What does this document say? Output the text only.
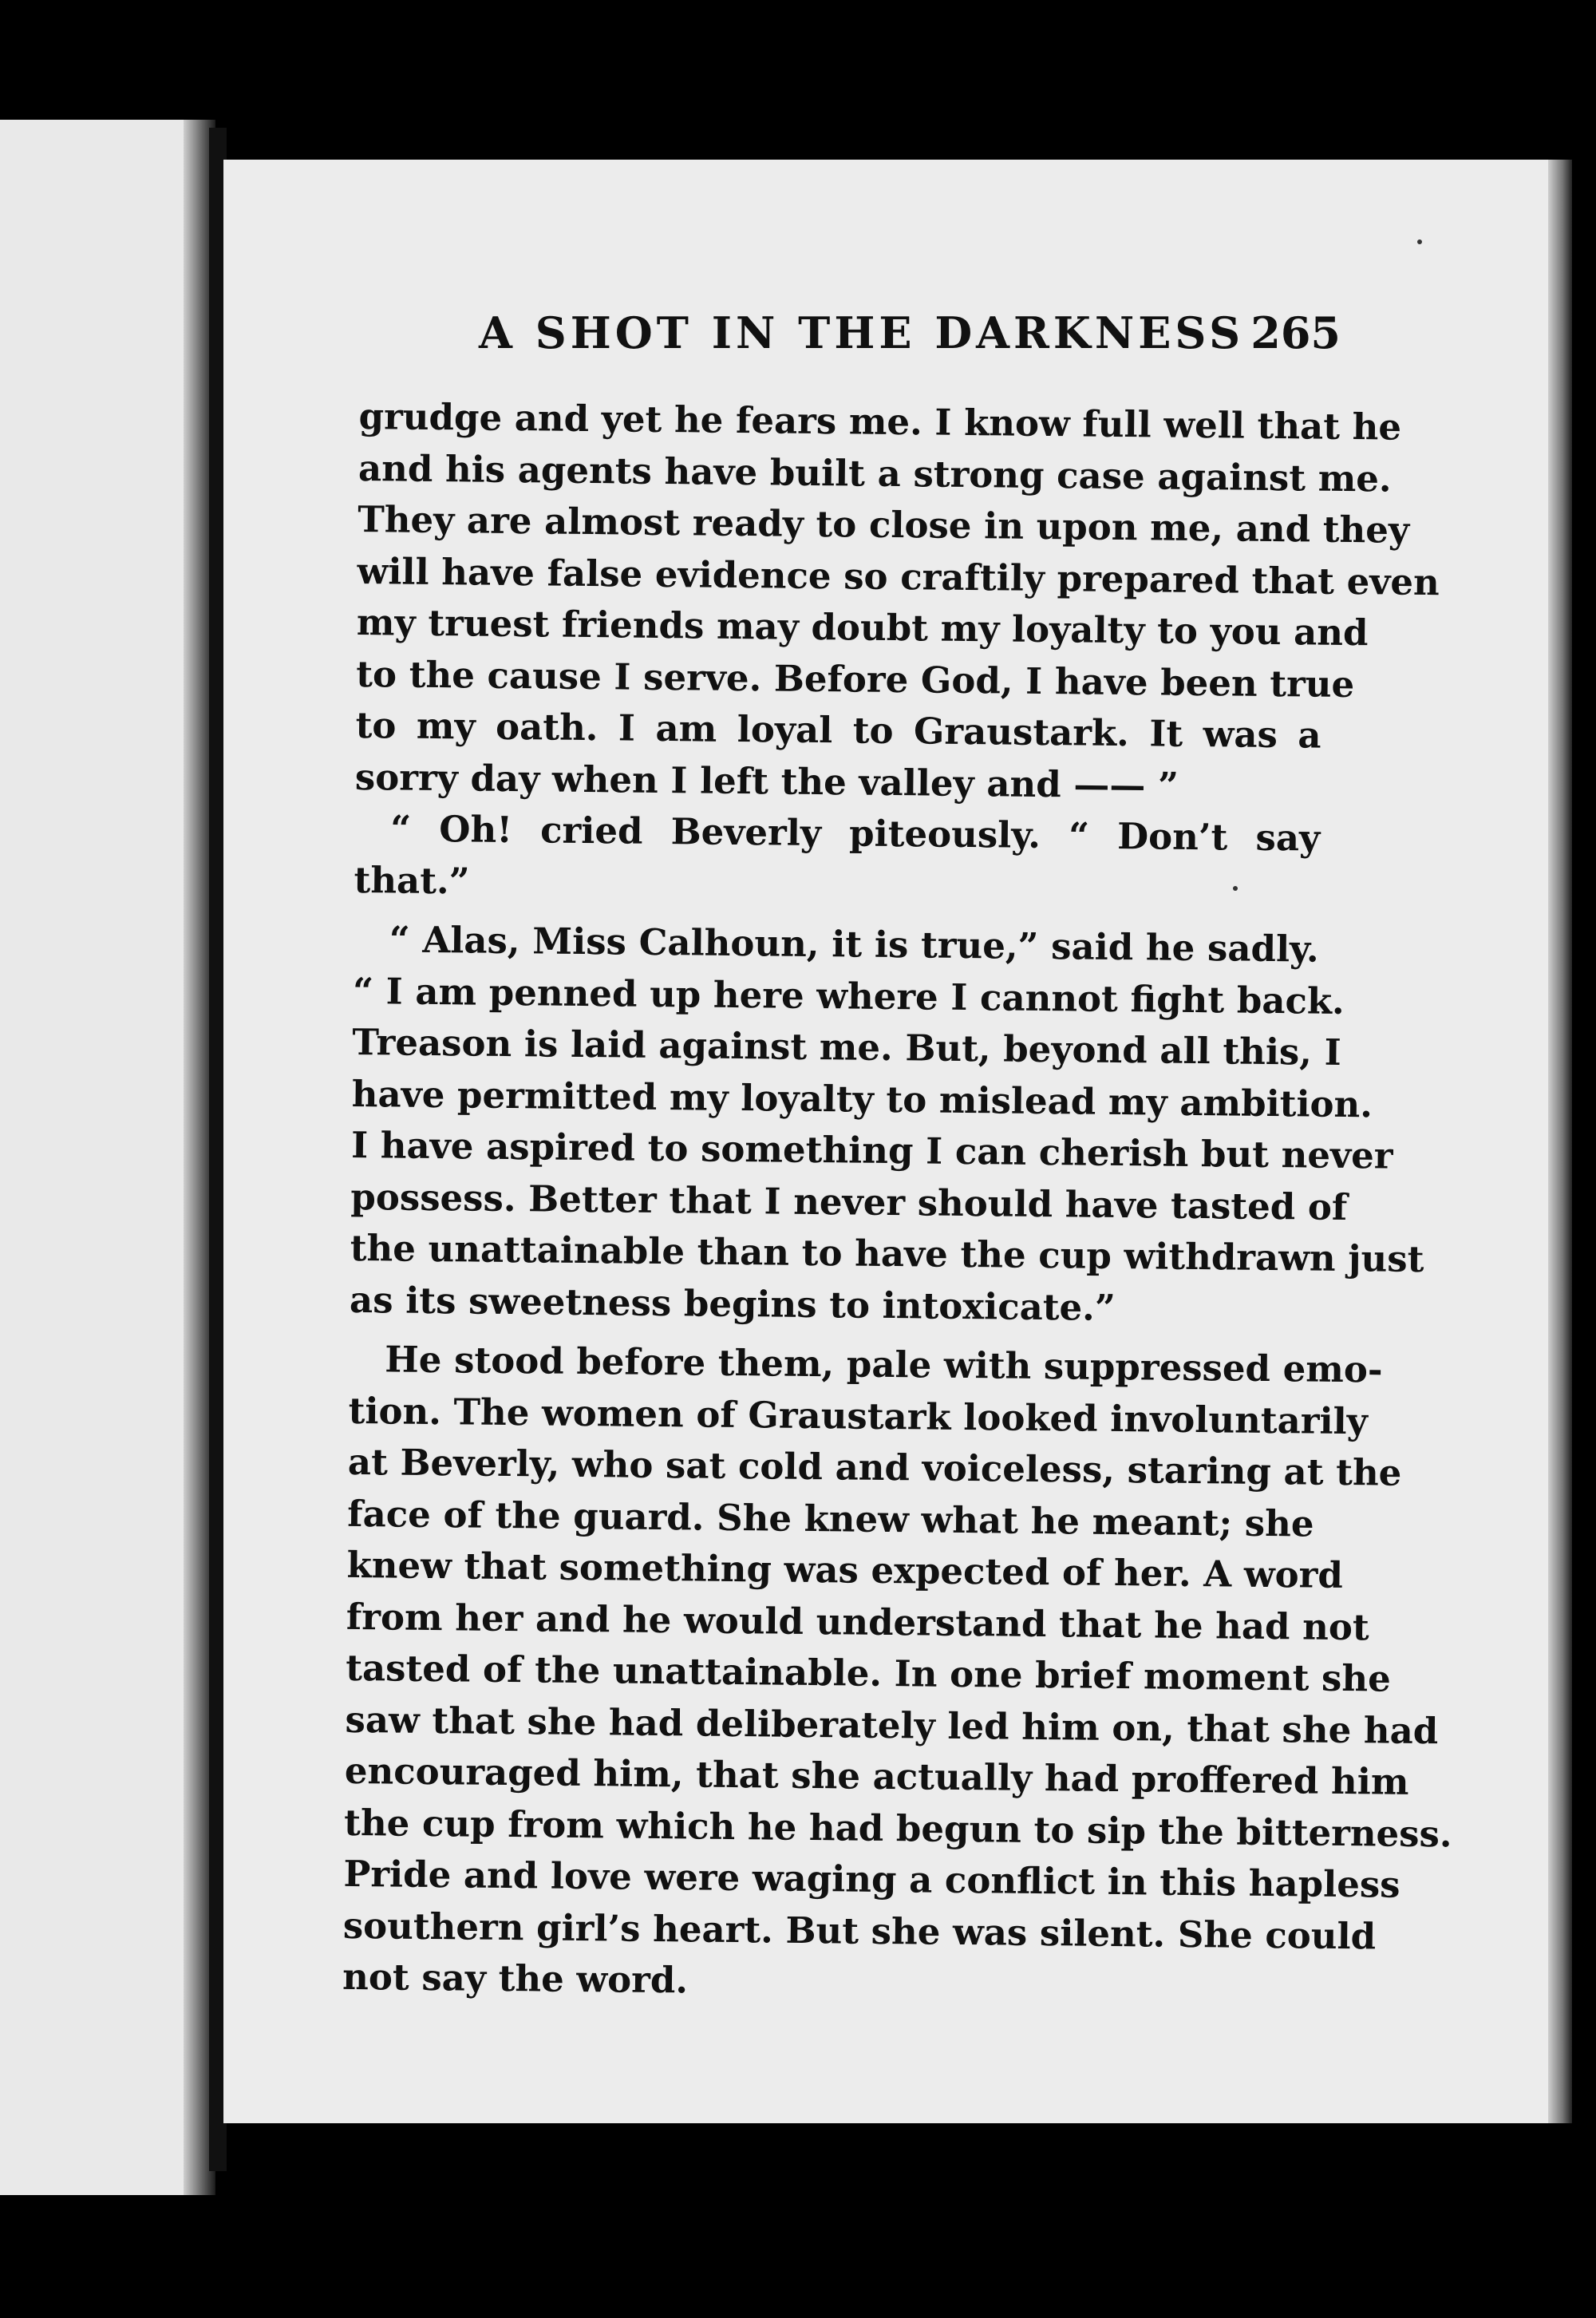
A SHOT IN THE DARKNESS 265
grudge and yet he fears me. I know full well that he
and his agents have built a strong case against me.
They are almost ready to close in upon me, and they
will have false evidence so craftily prepared that even
my truest friends may doubt my loyalty to you and
to the cause I serve. Before God, I have been true
to my oath. I am loyal to Graustark. It was a
sorry day when I left the valley and —— ”
“ Oh! cried Beverly piteously. “ Don’t say
that.”
“ Alas, Miss Calhoun, it is true,” said he sadly.
“ I am penned up here where I cannot fight back.
Treason is laid against me. But, beyond all this, I
have permitted my loyalty to mislead my ambition.
I have aspired to something I can cherish but never
possess. Better that I never should have tasted of
the unattainable than to have the cup withdrawn just
as its sweetness begins to intoxicate.”
He stood before them, pale with suppressed emo-
tion. The women of Graustark looked involuntarily
at Beverly, who sat cold and voiceless, staring at the
face of the guard. She knew what he meant; she
knew that something was expected of her. A word
from her and he would understand that he had not
tasted of the unattainable. In one brief moment she
saw that she had deliberately led him on, that she had
encouraged him, that she actually had proffered him
the cup from which he had begun to sip the bitterness.
Pride and love were waging a conflict in this hapless
southern girl’s heart. But she was silent. She could
not say the word.
